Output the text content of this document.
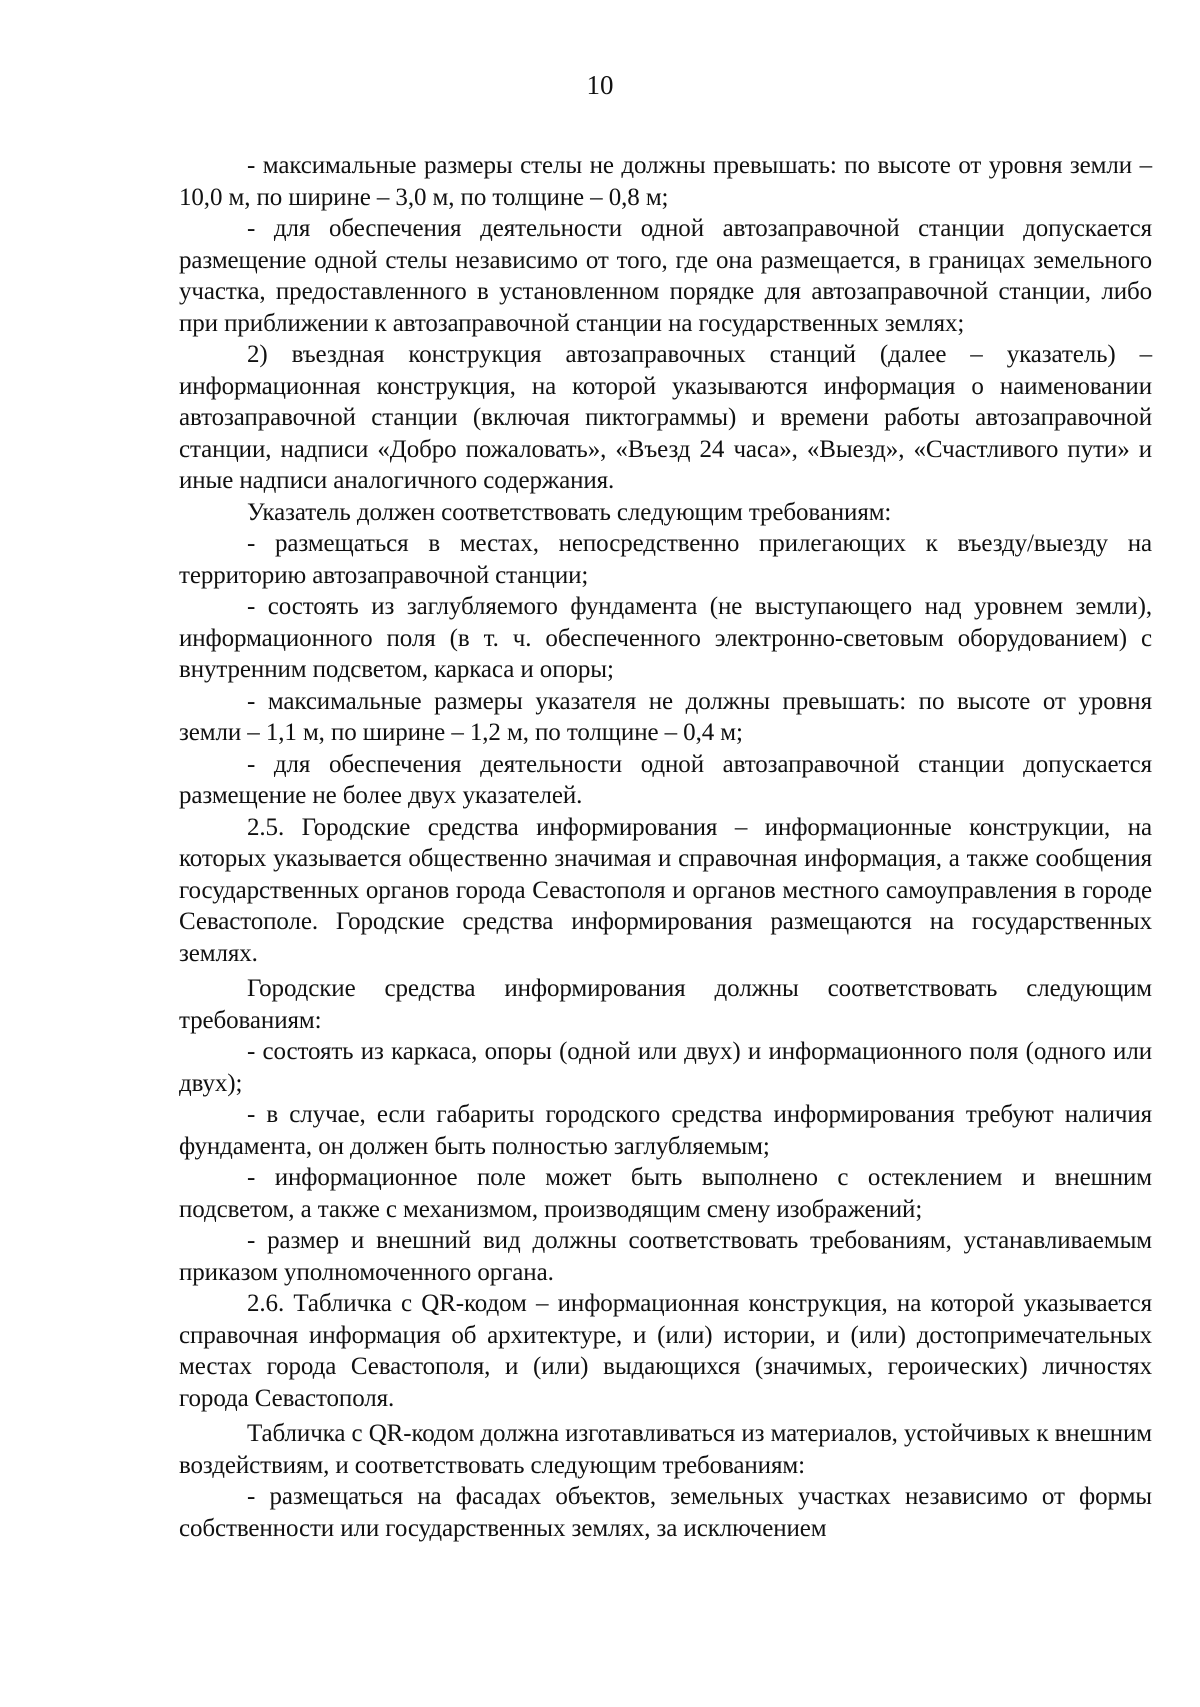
10

- максимальные размеры стелы не должны превышать: по высоте от уровня земли – 10,0 м, по ширине – 3,0 м, по толщине – 0,8 м;

- для обеспечения деятельности одной автозаправочной станции допускается размещение одной стелы независимо от того, где она размещается, в границах земельного участка, предоставленного в установленном порядке для автозаправочной станции, либо при приближении к автозаправочной станции на государственных землях;

2) въездная конструкция автозаправочных станций (далее – указатель) – информационная конструкция, на которой указываются информация о наименовании автозаправочной станции (включая пиктограммы) и времени работы автозаправочной станции, надписи «Добро пожаловать», «Въезд 24 часа», «Выезд», «Счастливого пути» и иные надписи аналогичного содержания.

Указатель должен соответствовать следующим требованиям:

- размещаться в местах, непосредственно прилегающих к въезду/выезду на территорию автозаправочной станции;

- состоять из заглубляемого фундамента (не выступающего над уровнем земли), информационного поля (в т. ч. обеспеченного электронно-световым оборудованием) с внутренним подсветом, каркаса и опоры;

- максимальные размеры указателя не должны превышать: по высоте от уровня земли – 1,1 м, по ширине – 1,2 м, по толщине – 0,4 м;

- для обеспечения деятельности одной автозаправочной станции допускается размещение не более двух указателей.

2.5. Городские средства информирования – информационные конструкции, на которых указывается общественно значимая и справочная информация, а также сообщения государственных органов города Севастополя и органов местного самоуправления в городе Севастополе. Городские средства информирования размещаются на государственных землях.

Городские средства информирования должны соответствовать следующим требованиям:

- состоять из каркаса, опоры (одной или двух) и информационного поля (одного или двух);

- в случае, если габариты городского средства информирования требуют наличия фундамента, он должен быть полностью заглубляемым;

- информационное поле может быть выполнено с остеклением и внешним подсветом, а также с механизмом, производящим смену изображений;

- размер и внешний вид должны соответствовать требованиям, устанавливаемым приказом уполномоченного органа.

2.6. Табличка с QR-кодом – информационная конструкция, на которой указывается справочная информация об архитектуре, и (или) истории, и (или) достопримечательных местах города Севастополя, и (или) выдающихся (значимых, героических) личностях города Севастополя.

Табличка с QR-кодом должна изготавливаться из материалов, устойчивых к внешним воздействиям, и соответствовать следующим требованиям:

- размещаться на фасадах объектов, земельных участках независимо от формы собственности или государственных землях, за исключением
